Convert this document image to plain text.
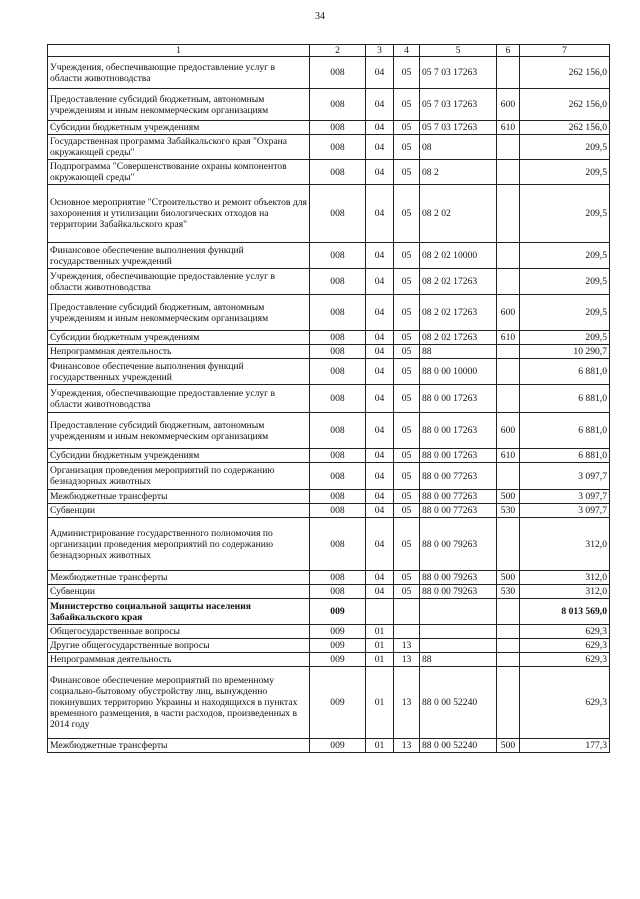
34
1	2	3	4	5	6	7
Учреждения, обеспечивающие предоставление услуг в области животноводства	008	04	05	05 7 03 17263		262 156,0
Предоставление субсидий бюджетным, автономным учреждениям и иным некоммерческим организациям	008	04	05	05 7 03 17263	600	262 156,0
Субсидии бюджетным учреждениям	008	04	05	05 7 03 17263	610	262 156,0
Государственная программа Забайкальского края "Охрана окружающей среды"	008	04	05	08		209,5
Подпрограмма "Совершенствование охраны компонентов окружающей среды"	008	04	05	08 2		209,5
Основное мероприятие "Строительство и ремонт объектов для захоронения и утилизации биологических отходов на территории Забайкальского края"	008	04	05	08 2 02		209,5
Финансовое обеспечение выполнения функций государственных учреждений	008	04	05	08 2 02 10000		209,5
Учреждения, обеспечивающие предоставление услуг в области животноводства	008	04	05	08 2 02 17263		209,5
Предоставление субсидий бюджетным, автономным учреждениям и иным некоммерческим организациям	008	04	05	08 2 02 17263	600	209,5
Субсидии бюджетным учреждениям	008	04	05	08 2 02 17263	610	209,5
Непрограммная деятельность	008	04	05	88		10 290,7
Финансовое обеспечение выполнения функций государственных учреждений	008	04	05	88 0 00 10000		6 881,0
Учреждения, обеспечивающие предоставление услуг в области животноводства	008	04	05	88 0 00 17263		6 881,0
Предоставление субсидий бюджетным, автономным учреждениям и иным некоммерческим организациям	008	04	05	88 0 00 17263	600	6 881,0
Субсидии бюджетным учреждениям	008	04	05	88 0 00 17263	610	6 881,0
Организация проведения мероприятий по содержанию безнадзорных животных	008	04	05	88 0 00 77263		3 097,7
Межбюджетные трансферты	008	04	05	88 0 00 77263	500	3 097,7
Субвенции	008	04	05	88 0 00 77263	530	3 097,7
Администрирование государственного полномочия по организации проведения мероприятий по содержанию безнадзорных животных	008	04	05	88 0 00 79263		312,0
Межбюджетные трансферты	008	04	05	88 0 00 79263	500	312,0
Субвенции	008	04	05	88 0 00 79263	530	312,0
Министерство социальной защиты населения Забайкальского края	009					8 013 569,0
Общегосударственные вопросы	009	01				629,3
Другие общегосударственные вопросы	009	01	13			629,3
Непрограммная деятельность	009	01	13	88		629,3
Финансовое обеспечение мероприятий по временному социально-бытовому обустройству лиц, вынужденно покинувших территорию Украины и находящихся в пунктах временного размещения, в части расходов, произведенных в 2014 году	009	01	13	88 0 00 52240		629,3
Межбюджетные трансферты	009	01	13	88 0 00 52240	500	177,3
